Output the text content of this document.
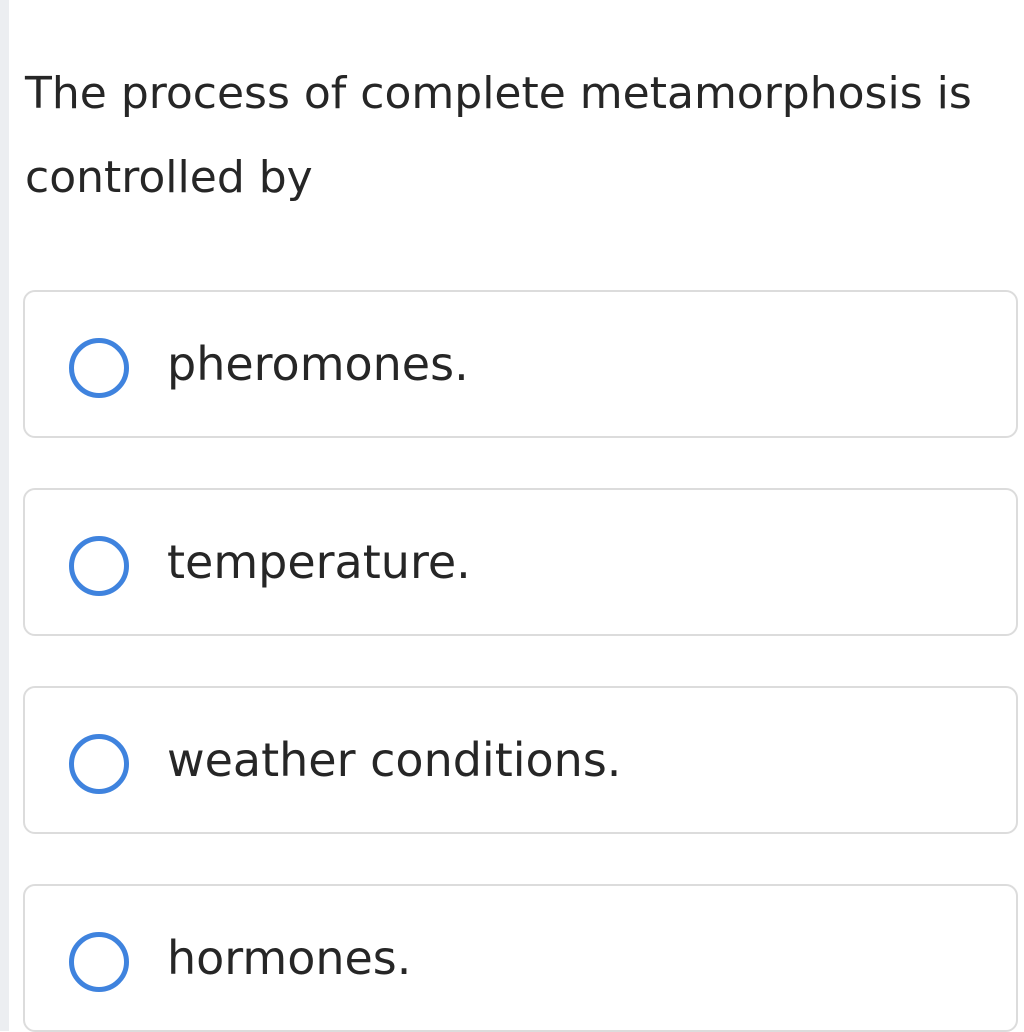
The process of complete metamorphosis is controlled by
pheromones.
temperature.
weather conditions.
hormones.
